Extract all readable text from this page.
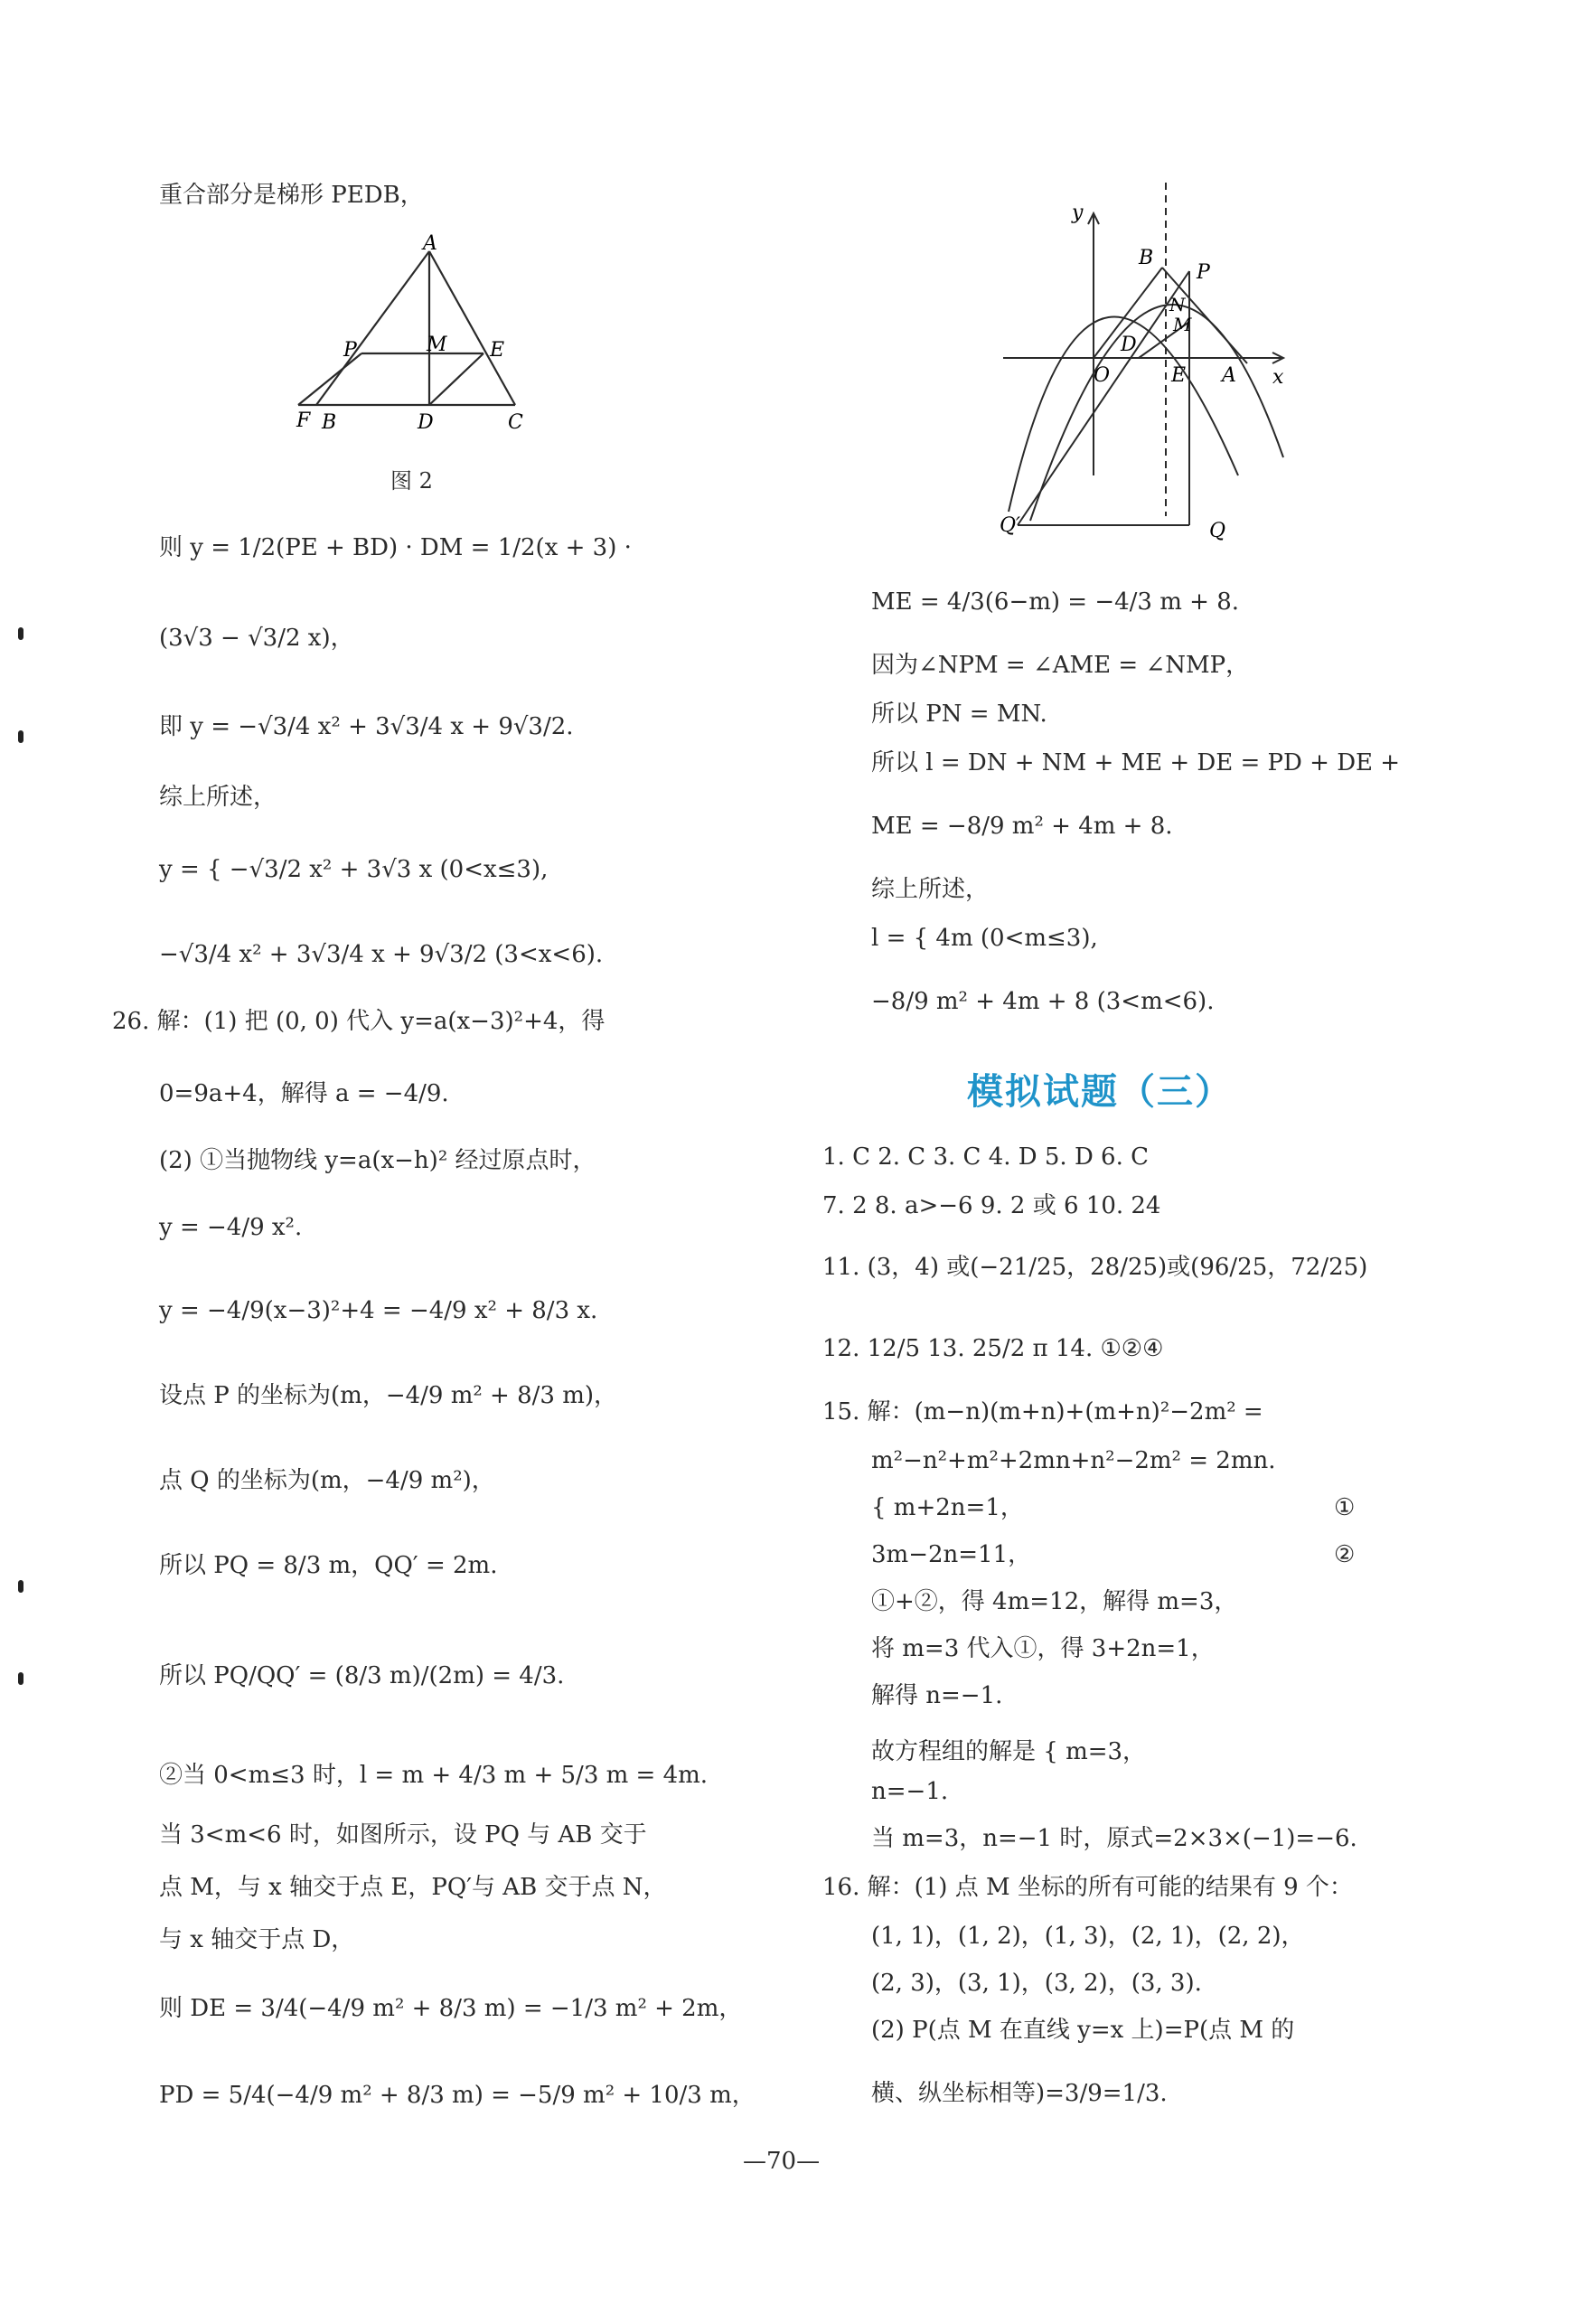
重合部分是梯形 PEDB，
A
P	M E
F B	D	C
图 2
则 y = 1/2(PE + BD) · DM = 1/2(x + 3) ·
(3√3 − √3/2 x)，
即 y = −√3/4 x² + 3√3/4 x + 9√3/2.
综上所述，
y = { −√3/2 x² + 3√3 x (0<x≤3),
−√3/4 x² + 3√3/4 x + 9√3/2 (3<x<6).
26. 解：(1) 把 (0, 0) 代入 y=a(x−3)²+4，得
0=9a+4，解得 a = −4/9.
(2) ①当抛物线 y=a(x−h)² 经过原点时，
y = −4/9 x².
y = −4/9(x−3)²+4 = −4/9 x² + 8/3 x.
设点 P 的坐标为(m，−4/9 m² + 8/3 m)，
点 Q 的坐标为(m，−4/9 m²)，
所以 PQ = 8/3 m，QQ′ = 2m.
所以 PQ/QQ′ = (8/3 m)/(2m) = 4/3.
②当 0<m≤3 时，l = m + 4/3 m + 5/3 m = 4m.
当 3<m<6 时，如图所示，设 PQ 与 AB 交于
点 M，与 x 轴交于点 E，PQ′与 AB 交于点 N，
与 x 轴交于点 D，
则 DE = 3/4(−4/9 m² + 8/3 m) = −1/3 m² + 2m，
PD = 5/4(−4/9 m² + 8/3 m) = −5/9 m² + 10/3 m，
y
x
B
P
N
M
D
O	E A
Q′	Q
ME = 4/3(6−m) = −4/3 m + 8.
因为∠NPM = ∠AME = ∠NMP，
所以 PN = MN.
所以 l = DN + NM + ME + DE = PD + DE +
ME = −8/9 m² + 4m + 8.
综上所述，
l = { 4m (0<m≤3),
−8/9 m² + 4m + 8 (3<m<6).
模拟试题（三）
1. C 2. C 3. C 4. D 5. D 6. C
7. 2 8. a>−6 9. 2 或 6 10. 24
11. (3，4) 或(−21/25，28/25)或(96/25，72/25)
12. 12/5 13. 25/2 π 14. ①②④
15. 解：(m−n)(m+n)+(m+n)²−2m² =
m²−n²+m²+2mn+n²−2m² = 2mn.
{ m+2n=1，	①
3m−2n=11，	②
①+②，得 4m=12，解得 m=3，
将 m=3 代入①，得 3+2n=1，
解得 n=−1.
故方程组的解是 { m=3，
n=−1.
当 m=3，n=−1 时，原式=2×3×(−1)=−6.
16. 解：(1) 点 M 坐标的所有可能的结果有 9 个：
(1, 1)，(1, 2)，(1, 3)，(2, 1)，(2, 2)，
(2, 3)，(3, 1)，(3, 2)，(3, 3).
(2) P(点 M 在直线 y=x 上)=P(点 M 的
横、纵坐标相等)=3/9=1/3.
—70—
